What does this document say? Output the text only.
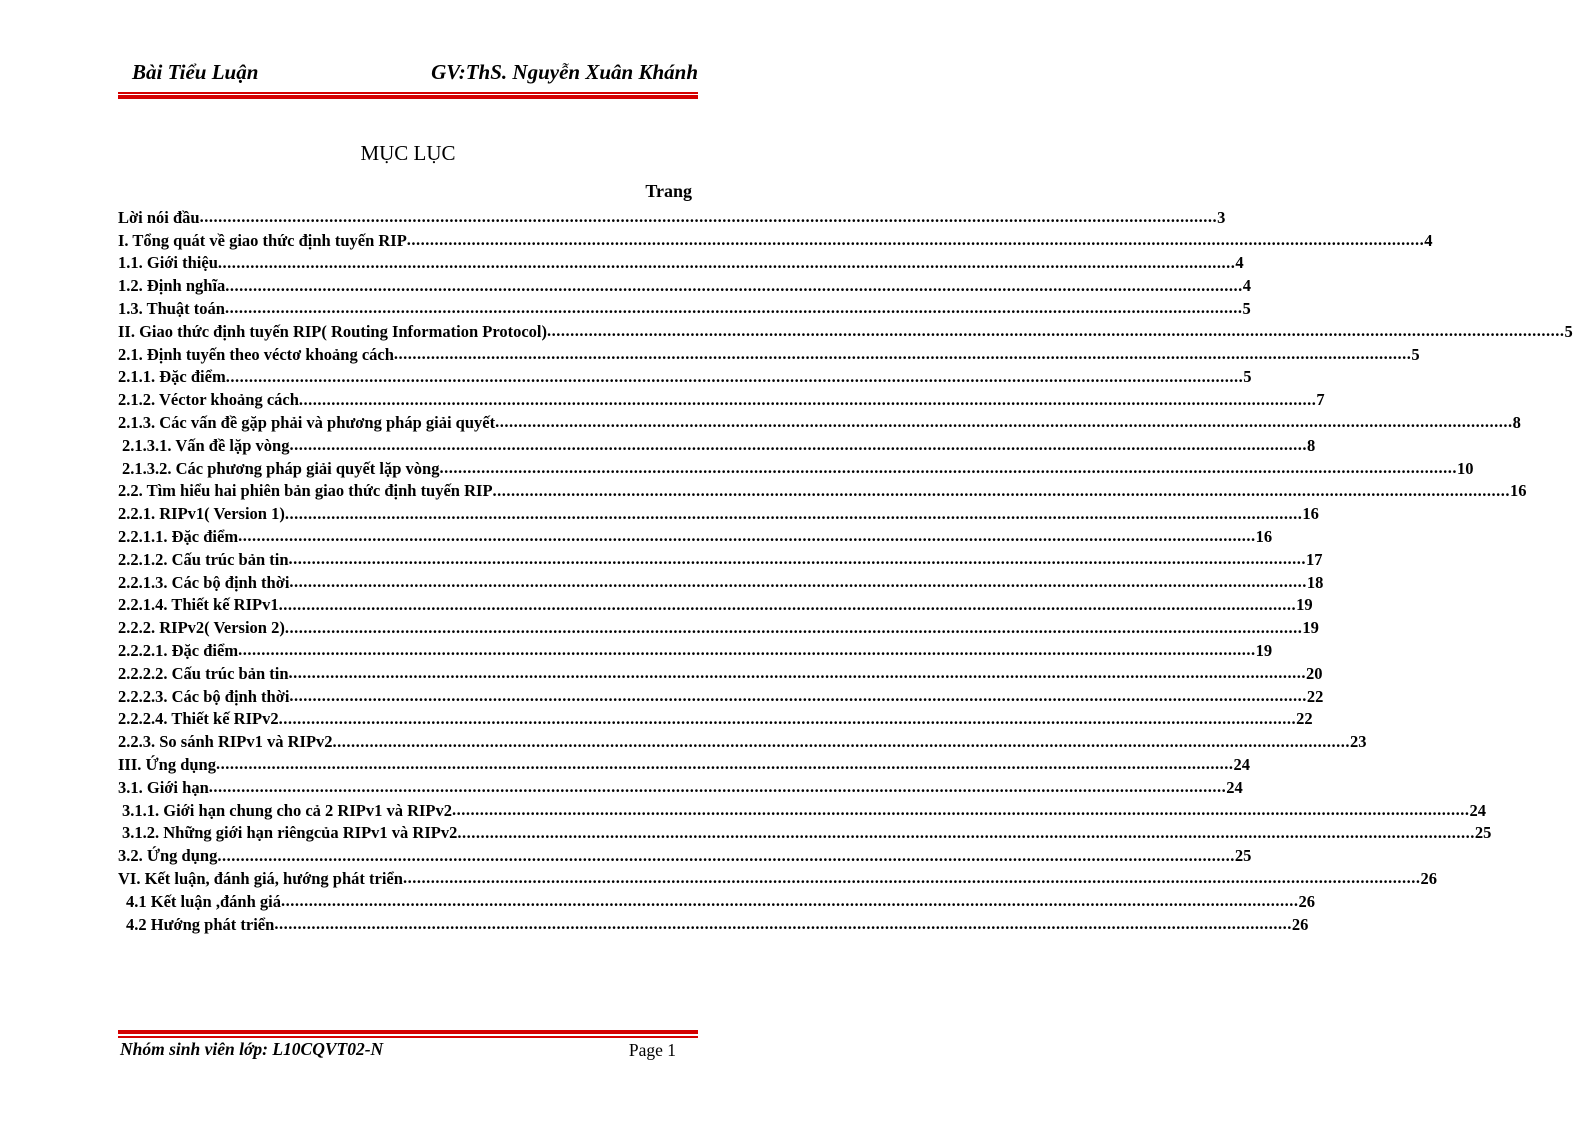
Bài Tiểu Luận	GV:ThS. Nguyễn Xuân Khánh
MỤC LỤC
Trang
Lời nói đầu ............................................................................................................................................................................................................................ 3
I. Tổng quát về giao thức định tuyến RIP ............................................................................................................................................................................................................................ 4
1.1. Giới thiệu ............................................................................................................................................................................................................................ 4
1.2. Định nghĩa ............................................................................................................................................................................................................................ 4
1.3. Thuật toán ............................................................................................................................................................................................................................ 5
II. Giao thức định tuyến RIP( Routing Information Protocol) ............................................................................................................................................................................................................................ 5
2.1. Định tuyến theo véctơ khoảng cách ............................................................................................................................................................................................................................ 5
2.1.1. Đặc điểm ............................................................................................................................................................................................................................ 5
2.1.2. Véctor khoảng cách ............................................................................................................................................................................................................................ 7
2.1.3. Các vấn đề gặp phải và phương pháp giải quyết ............................................................................................................................................................................................................................ 8
2.1.3.1. Vấn đề lặp vòng ............................................................................................................................................................................................................................ 8
2.1.3.2. Các phương pháp giải quyết lặp vòng ............................................................................................................................................................................................................................ 10
2.2. Tìm hiểu hai phiên bản giao thức định tuyến RIP ............................................................................................................................................................................................................................ 16
2.2.1. RIPv1( Version 1) ............................................................................................................................................................................................................................ 16
2.2.1.1. Đặc điểm ............................................................................................................................................................................................................................ 16
2.2.1.2. Cấu trúc bản tin ............................................................................................................................................................................................................................ 17
2.2.1.3. Các bộ định thời ............................................................................................................................................................................................................................ 18
2.2.1.4. Thiết kế RIPv1 ............................................................................................................................................................................................................................ 19
2.2.2. RIPv2( Version 2) ............................................................................................................................................................................................................................ 19
2.2.2.1. Đặc điểm ............................................................................................................................................................................................................................ 19
2.2.2.2. Cấu trúc bản tin ............................................................................................................................................................................................................................ 20
2.2.2.3. Các bộ định thời ............................................................................................................................................................................................................................ 22
2.2.2.4. Thiết kế RIPv2 ............................................................................................................................................................................................................................ 22
2.2.3. So sánh RIPv1 và RIPv2 ............................................................................................................................................................................................................................ 23
III. Ứng dụng ............................................................................................................................................................................................................................ 24
3.1. Giới hạn ............................................................................................................................................................................................................................ 24
3.1.1. Giới hạn chung cho cả 2 RIPv1 và RIPv2 ............................................................................................................................................................................................................................ 24
3.1.2. Những giới hạn riêngcủa RIPv1 và RIPv2 ............................................................................................................................................................................................................................ 25
3.2. Ứng dụng ............................................................................................................................................................................................................................ 25
VI. Kết luận, đánh giá, hướng phát triển ............................................................................................................................................................................................................................ 26
4.1 Kết luận ,đánh giá ............................................................................................................................................................................................................................ 26
4.2 Hướng phát triển ............................................................................................................................................................................................................................ 26
Nhóm sinh viên lớp: L10CQVT02-N	Page 1
